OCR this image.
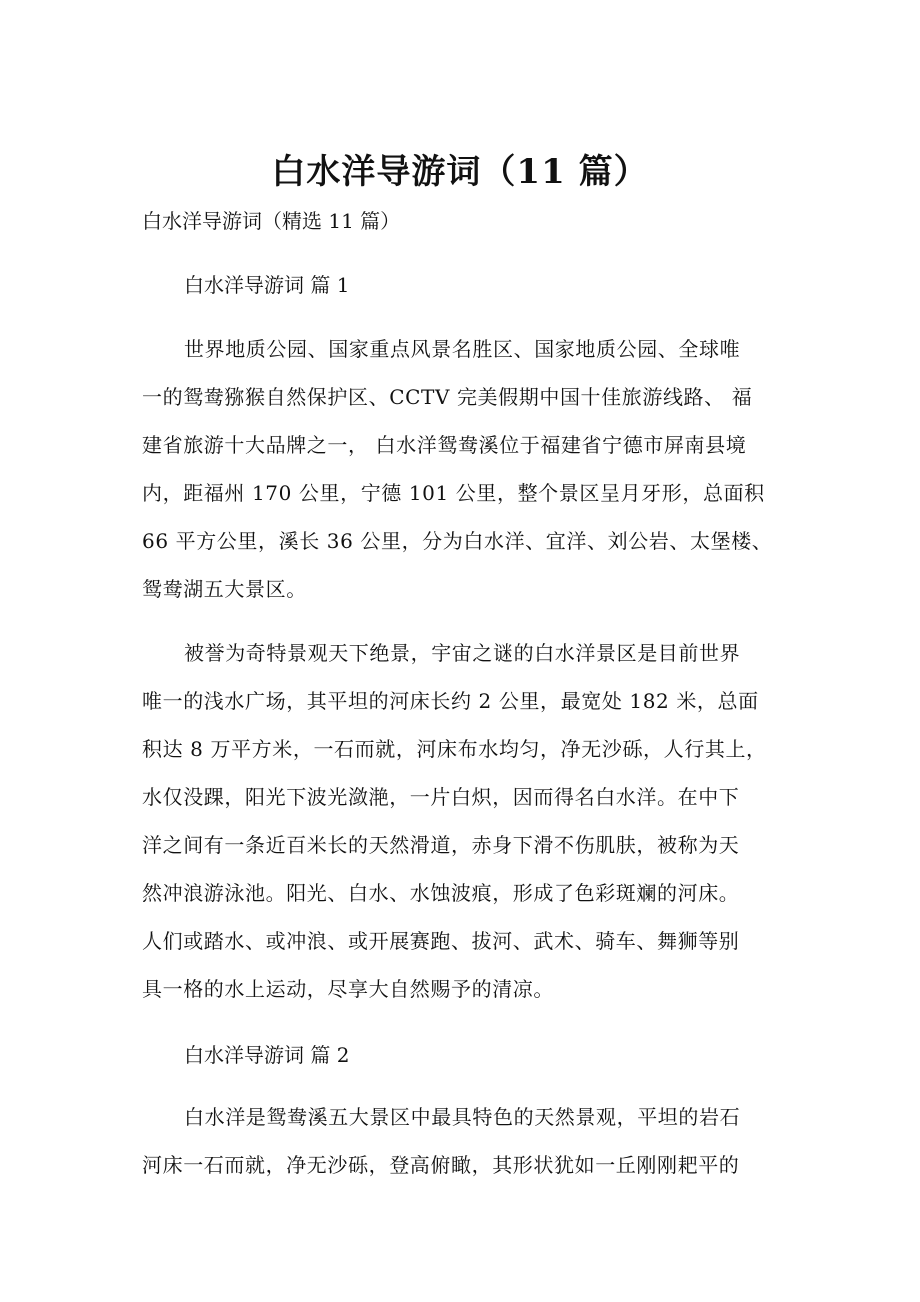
白水洋导游词（11 篇）

白水洋导游词（精选 11 篇）

白水洋导游词 篇 1

世界地质公园、国家重点风景名胜区、国家地质公园、全球唯

一的鸳鸯猕猴自然保护区、CCTV 完美假期中国十佳旅游线路、 福

建省旅游十大品牌之一， 白水洋鸳鸯溪位于福建省宁德市屏南县境

内，距福州 170 公里，宁德 101 公里，整个景区呈月牙形，总面积

66 平方公里，溪长 36 公里，分为白水洋、宜洋、刘公岩、太堡楼、

鸳鸯湖五大景区。

被誉为奇特景观天下绝景，宇宙之谜的白水洋景区是目前世界

唯一的浅水广场，其平坦的河床长约 2 公里，最宽处 182 米，总面

积达 8 万平方米，一石而就，河床布水均匀，净无沙砾，人行其上，

水仅没踝，阳光下波光潋滟，一片白炽，因而得名白水洋。在中下

洋之间有一条近百米长的天然滑道，赤身下滑不伤肌肤，被称为天

然冲浪游泳池。阳光、白水、水蚀波痕，形成了色彩斑斓的河床。

人们或踏水、或冲浪、或开展赛跑、拔河、武术、骑车、舞狮等别

具一格的水上运动，尽享大自然赐予的清凉。

白水洋导游词 篇 2

白水洋是鸳鸯溪五大景区中最具特色的天然景观，平坦的岩石

河床一石而就，净无沙砾，登高俯瞰，其形状犹如一丘刚刚耙平的
